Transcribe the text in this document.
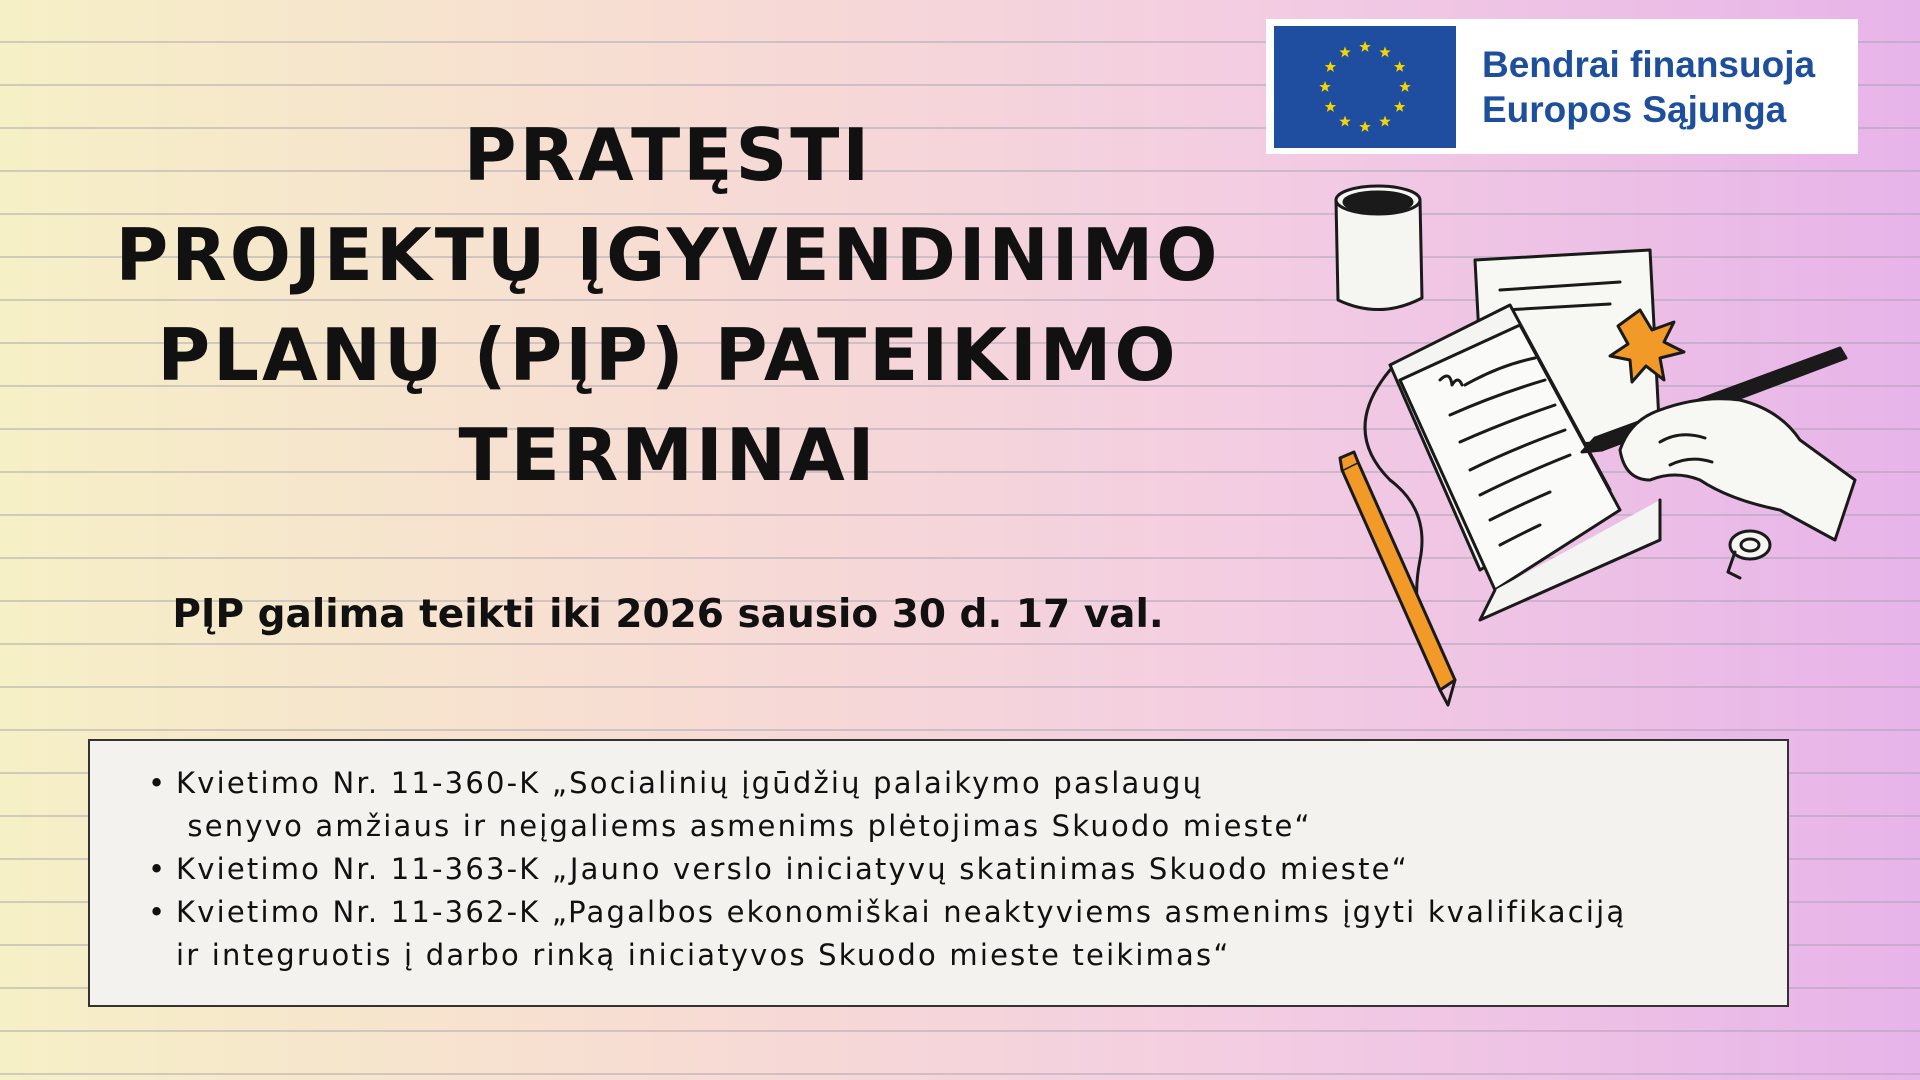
Bendrai finansuoja
Europos Sąjunga
PRATĘSTI
PROJEKTŲ ĮGYVENDINIMO
PLANŲ (PĮP) PATEIKIMO
TERMINAI
PĮP galima teikti iki 2026 sausio 30 d. 17 val.
• Kvietimo Nr. 11-360-K „Socialinių įgūdžių palaikymo paslaugų
senyvo amžiaus ir neįgaliems asmenims plėtojimas Skuodo mieste“
• Kvietimo Nr. 11-363-K „Jauno verslo iniciatyvų skatinimas Skuodo mieste“
• Kvietimo Nr. 11-362-K „Pagalbos ekonomiškai neaktyviems asmenims įgyti kvalifikaciją
ir integruotis į darbo rinką iniciatyvos Skuodo mieste teikimas“
